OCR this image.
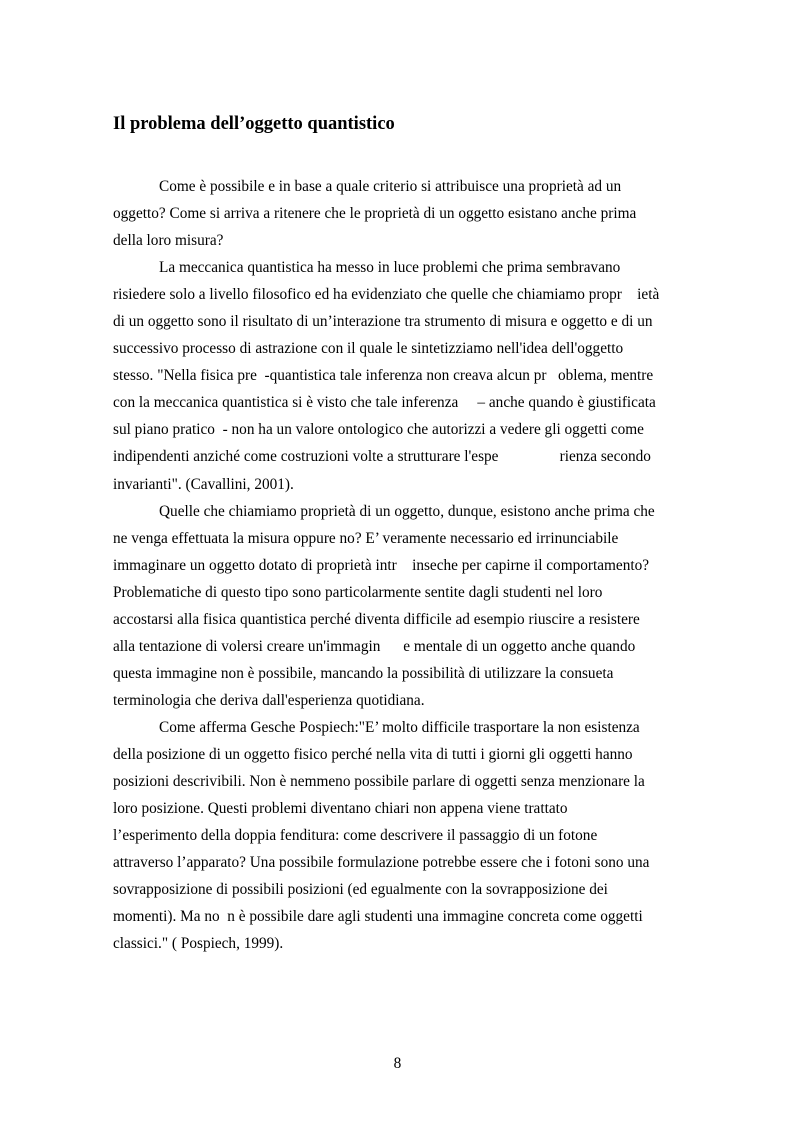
Il problema dell’oggetto quantistico
Come è possibile e in base a quale criterio si attribuisce una proprietà ad un
oggetto? Come si arriva a ritenere che le proprietà di un oggetto esistano anche prima
della loro misura?
La meccanica quantistica ha messo in luce problemi che prima sembravano
risiedere solo a livello filosofico ed ha evidenziato che quelle che chiamiamo propr    ietà
di un oggetto sono il risultato di un’interazione tra strumento di misura e oggetto e di un
successivo processo di astrazione con il quale le sintetizziamo nell'idea dell'oggetto
stesso. "Nella fisica pre  -quantistica tale inferenza non creava alcun pr   oblema, mentre
con la meccanica quantistica si è visto che tale inferenza     – anche quando è giustificata
sul piano pratico  - non ha un valore ontologico che autorizzi a vedere gli oggetti come
indipendenti anziché come costruzioni volte a strutturare l'espe                rienza secondo
invarianti". (Cavallini, 2001).
Quelle che chiamiamo proprietà di un oggetto, dunque, esistono anche prima che
ne venga effettuata la misura oppure no? E’ veramente necessario ed irrinunciabile
immaginare un oggetto dotato di proprietà intr    inseche per capirne il comportamento?
Problematiche di questo tipo sono particolarmente sentite dagli studenti nel loro
accostarsi alla fisica quantistica perché diventa difficile ad esempio riuscire a resistere
alla tentazione di volersi creare un'immagin      e mentale di un oggetto anche quando
questa immagine non è possibile, mancando la possibilità di utilizzare la consueta
terminologia che deriva dall'esperienza quotidiana.
Come afferma Gesche Pospiech:"E’ molto difficile trasportare la non esistenza
della posizione di un oggetto fisico perché nella vita di tutti i giorni gli oggetti hanno
posizioni descrivibili. Non è nemmeno possibile parlare di oggetti senza menzionare la
loro posizione. Questi problemi diventano chiari non appena viene trattato
l’esperimento della doppia fenditura: come descrivere il passaggio di un fotone
attraverso l’apparato? Una possibile formulazione potrebbe essere che i fotoni sono una
sovrapposizione di possibili posizioni (ed egualmente con la sovrapposizione dei
momenti). Ma no  n è possibile dare agli studenti una immagine concreta come oggetti
classici." ( Pospiech, 1999).
8
